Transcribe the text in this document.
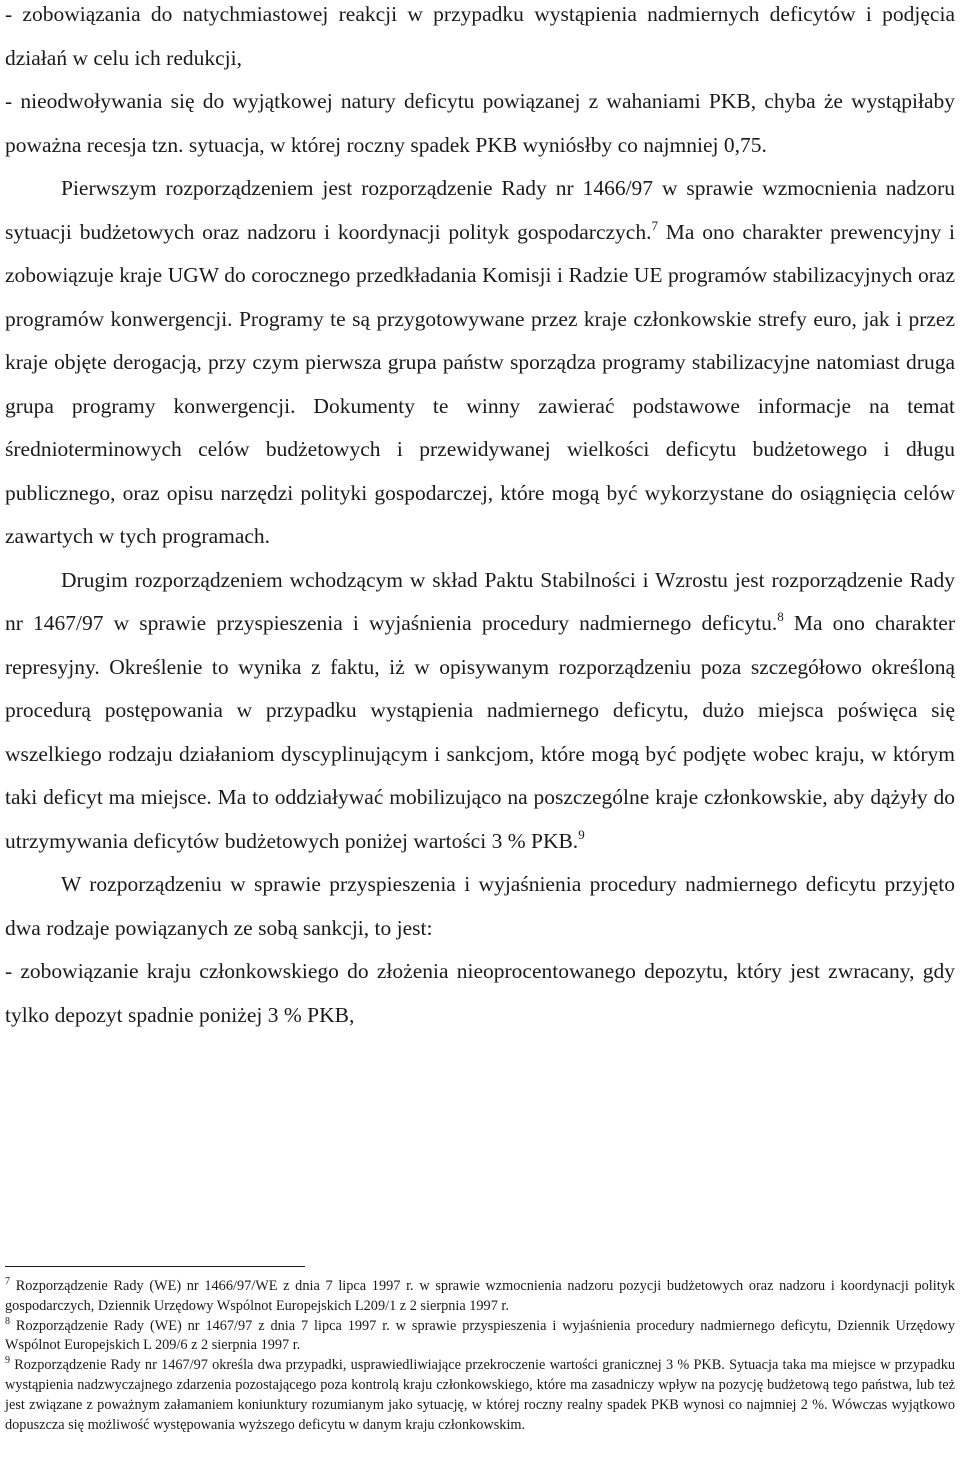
- zobowiązania do natychmiastowej reakcji w przypadku wystąpienia nadmiernych deficytów i podjęcia działań w celu ich redukcji,

- nieodwoływania się do wyjątkowej natury deficytu powiązanej z wahaniami PKB, chyba że wystąpiłaby poważna recesja tzn. sytuacja, w której roczny spadek PKB wyniósłby co najmniej 0,75.

Pierwszym rozporządzeniem jest rozporządzenie Rady nr 1466/97 w sprawie wzmocnienia nadzoru sytuacji budżetowych oraz nadzoru i koordynacji polityk gospodarczych.$^7$ Ma ono charakter prewencyjny i zobowiązuje kraje UGW do corocznego przedkładania Komisji i Radzie UE programów stabilizacyjnych oraz programów konwergencji. Programy te są przygotowywane przez kraje członkowskie strefy euro, jak i przez kraje objęte derogacją, przy czym pierwsza grupa państw sporządza programy stabilizacyjne natomiast druga grupa programy konwergencji. Dokumenty te winny zawierać podstawowe informacje na temat średnioterminowych celów budżetowych i przewidywanej wielkości deficytu budżetowego i długu publicznego, oraz opisu narzędzi polityki gospodarczej, które mogą być wykorzystane do osiągnięcia celów zawartych w tych programach.

Drugim rozporządzeniem wchodzącym w skład Paktu Stabilności i Wzrostu jest rozporządzenie Rady nr 1467/97 w sprawie przyspieszenia i wyjaśnienia procedury nadmiernego deficytu.$^8$ Ma ono charakter represyjny. Określenie to wynika z faktu, iż w opisywanym rozporządzeniu poza szczegółowo określoną procedurą postępowania w przypadku wystąpienia nadmiernego deficytu, dużo miejsca poświęca się wszelkiego rodzaju działaniom dyscyplinującym i sankcjom, które mogą być podjęte wobec kraju, w którym taki deficyt ma miejsce. Ma to oddziaływać mobilizująco na poszczególne kraje członkowskie, aby dążyły do utrzymywania deficytów budżetowych poniżej wartości 3 % PKB.$^9$

W rozporządzeniu w sprawie przyspieszenia i wyjaśnienia procedury nadmiernego deficytu przyjęto dwa rodzaje powiązanych ze sobą sankcji, to jest:

- zobowiązanie kraju członkowskiego do złożenia nieoprocentowanego depozytu, który jest zwracany, gdy tylko depozyt spadnie poniżej 3 % PKB,

$^7$ Rozporządzenie Rady (WE) nr 1466/97/WE z dnia 7 lipca 1997 r. w sprawie wzmocnienia nadzoru pozycji budżetowych oraz nadzoru i koordynacji polityk gospodarczych, Dziennik Urzędowy Wspólnot Europejskich L209/1 z 2 sierpnia 1997 r.

$^8$ Rozporządzenie Rady (WE) nr 1467/97 z dnia 7 lipca 1997 r. w sprawie przyspieszenia i wyjaśnienia procedury nadmiernego deficytu, Dziennik Urzędowy Wspólnot Europejskich L 209/6 z 2 sierpnia 1997 r.

$^9$ Rozporządzenie Rady nr 1467/97 określa dwa przypadki, usprawiedliwiające przekroczenie wartości granicznej 3 % PKB. Sytuacja taka ma miejsce w przypadku wystąpienia nadzwyczajnego zdarzenia pozostającego poza kontrolą kraju członkowskiego, które ma zasadniczy wpływ na pozycję budżetową tego państwa, lub też jest związane z poważnym załamaniem koniunktury rozumianym jako sytuację, w której roczny realny spadek PKB wynosi co najmniej 2 %. Wówczas wyjątkowo dopuszcza się możliwość występowania wyższego deficytu w danym kraju członkowskim.
